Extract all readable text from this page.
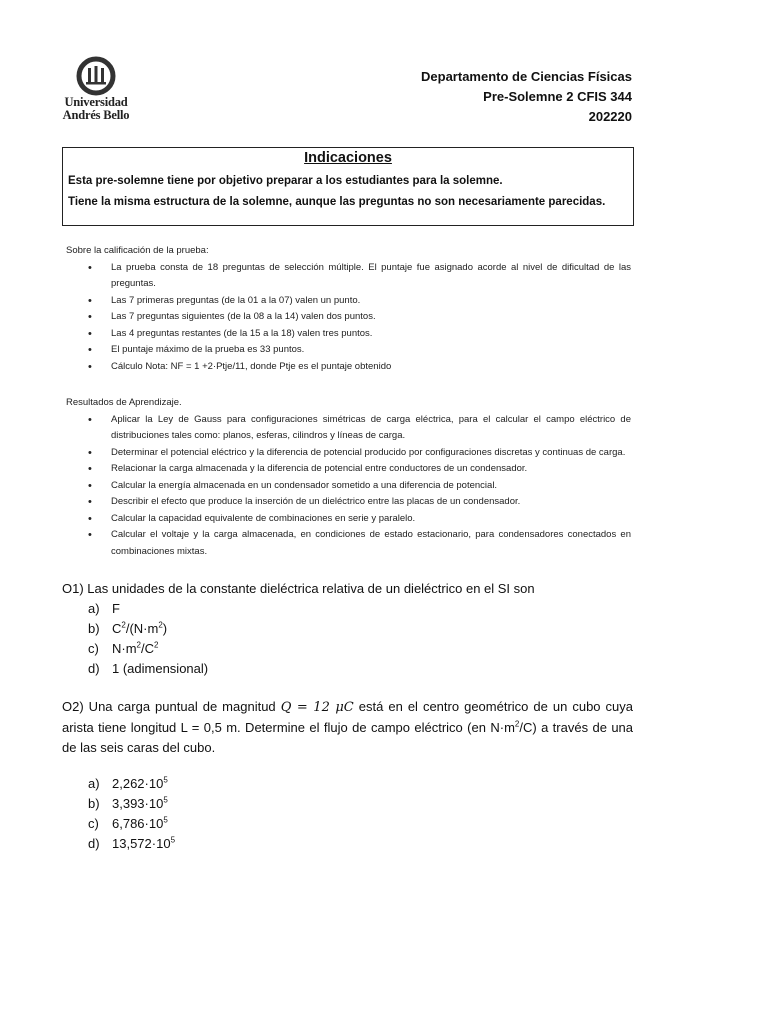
Universidad
Andrés Bello
Departamento de Ciencias Físicas
Pre-Solemne 2 CFIS 344
202220
Indicaciones

Esta pre-solemne tiene por objetivo preparar a los estudiantes para la solemne.

Tiene la misma estructura de la solemne, aunque las preguntas no son necesariamente parecidas.

Sobre la calificación de la prueba:
• La prueba consta de 18 preguntas de selección múltiple. El puntaje fue asignado acorde al nivel de dificultad de las preguntas.
• Las 7 primeras preguntas (de la 01 a la 07) valen un punto.
• Las 7 preguntas siguientes (de la 08 a la 14) valen dos puntos.
• Las 4 preguntas restantes (de la 15 a la 18) valen tres puntos.
• El puntaje máximo de la prueba es 33 puntos.
• Cálculo Nota: NF = 1 +2·Ptje/11, donde Ptje es el puntaje obtenido
Resultados de Aprendizaje.
• Aplicar la Ley de Gauss para configuraciones simétricas de carga eléctrica, para el calcular el campo eléctrico de distribuciones tales como: planos, esferas, cilindros y líneas de carga.
• Determinar el potencial eléctrico y la diferencia de potencial producido por configuraciones discretas y continuas de carga.
• Relacionar la carga almacenada y la diferencia de potencial entre conductores de un condensador.
• Calcular la energía almacenada en un condensador sometido a una diferencia de potencial.
• Describir el efecto que produce la inserción de un dieléctrico entre las placas de un condensador.
• Calcular la capacidad equivalente de combinaciones en serie y paralelo.
• Calcular el voltaje y la carga almacenada, en condiciones de estado estacionario, para condensadores conectados en combinaciones mixtas.
O1) Las unidades de la constante dieléctrica relativa de un dieléctrico en el SI son
a) F
b) $C^2/(N\cdot m^2)$
c) $N\cdot m^2/C^2$
d) 1 (adimensional)
O2) Una carga puntual de magnitud Q = 12 μC está en el centro geométrico de un cubo cuya arista tiene longitud L = 0,5 m. Determine el flujo de campo eléctrico (en $N\cdot m^2/C$) a través de una de las seis caras del cubo.
a) $2,262\cdot 10^5$
b) $3,393\cdot 10^5$
c) $6,786\cdot 10^5$
d) $13,572\cdot 10^5$
